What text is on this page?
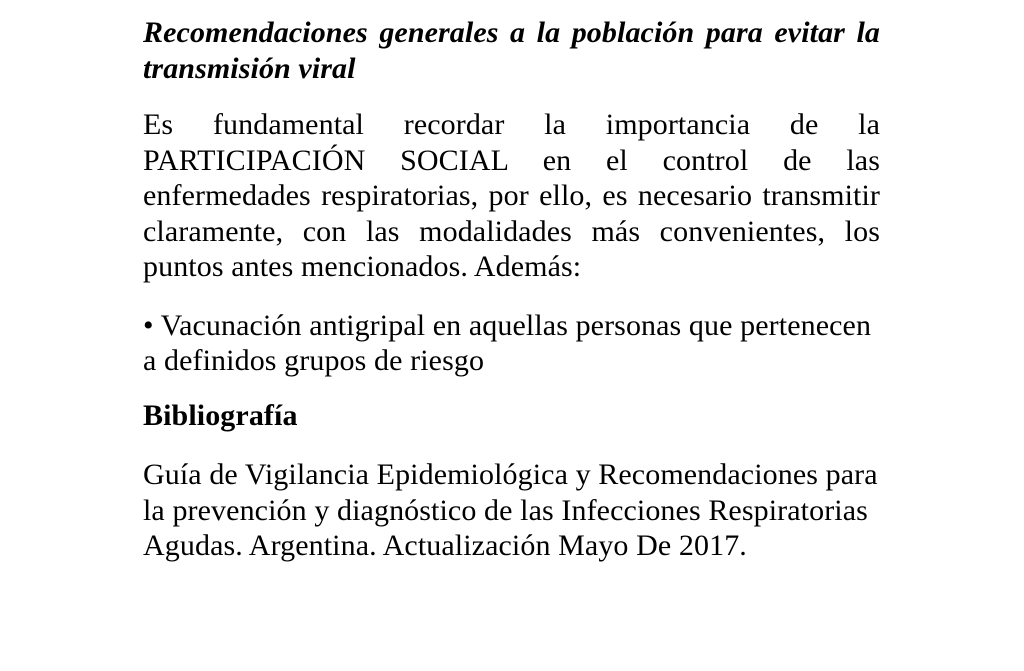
Recomendaciones generales a la población para evitar la
transmisión viral
Es fundamental recordar la importancia de la
PARTICIPACIÓN SOCIAL en el control de las
enfermedades respiratorias, por ello, es necesario transmitir
claramente, con las modalidades más convenientes, los
puntos antes mencionados. Además:
• Vacunación antigripal en aquellas personas que pertenecen
a definidos grupos de riesgo
Bibliografía
Guía de Vigilancia Epidemiológica y Recomendaciones para
la prevención y diagnóstico de las Infecciones Respiratorias
Agudas. Argentina. Actualización Mayo De 2017.
